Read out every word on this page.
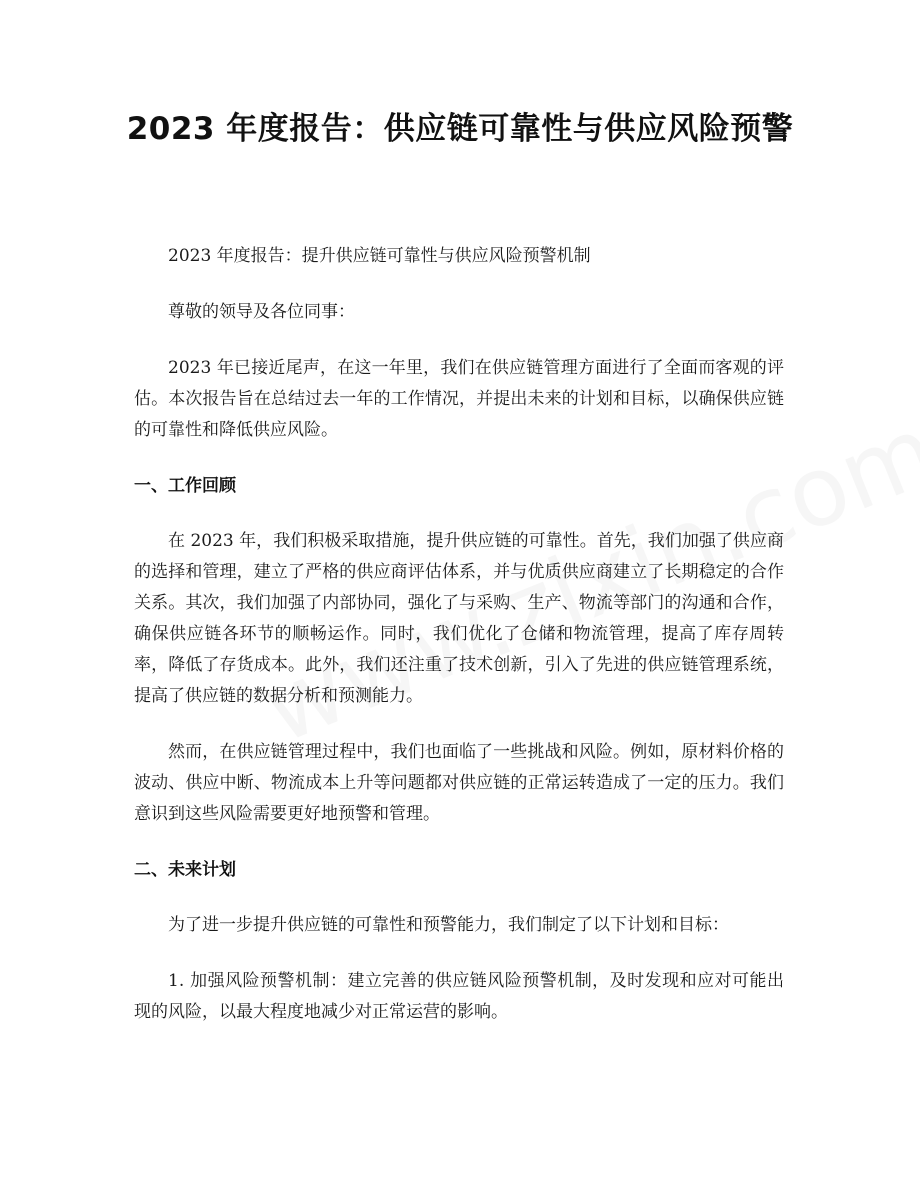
2023 年度报告：供应链可靠性与供应风险预警

2023 年度报告：提升供应链可靠性与供应风险预警机制

尊敬的领导及各位同事：

2023 年已接近尾声，在这一年里，我们在供应链管理方面进行了全面而客观的评估。本次报告旨在总结过去一年的工作情况，并提出未来的计划和目标，以确保供应链的可靠性和降低供应风险。

一、工作回顾

在 2023 年，我们积极采取措施，提升供应链的可靠性。首先，我们加强了供应商的选择和管理，建立了严格的供应商评估体系，并与优质供应商建立了长期稳定的合作关系。其次，我们加强了内部协同，强化了与采购、生产、物流等部门的沟通和合作，确保供应链各环节的顺畅运作。同时，我们优化了仓储和物流管理，提高了库存周转率，降低了存货成本。此外，我们还注重了技术创新，引入了先进的供应链管理系统，提高了供应链的数据分析和预测能力。

然而，在供应链管理过程中，我们也面临了一些挑战和风险。例如，原材料价格的波动、供应中断、物流成本上升等问题都对供应链的正常运转造成了一定的压力。我们意识到这些风险需要更好地预警和管理。

二、未来计划

为了进一步提升供应链的可靠性和预警能力，我们制定了以下计划和目标：

1. 加强风险预警机制：建立完善的供应链风险预警机制，及时发现和应对可能出现的风险，以最大程度地减少对正常运营的影响。
